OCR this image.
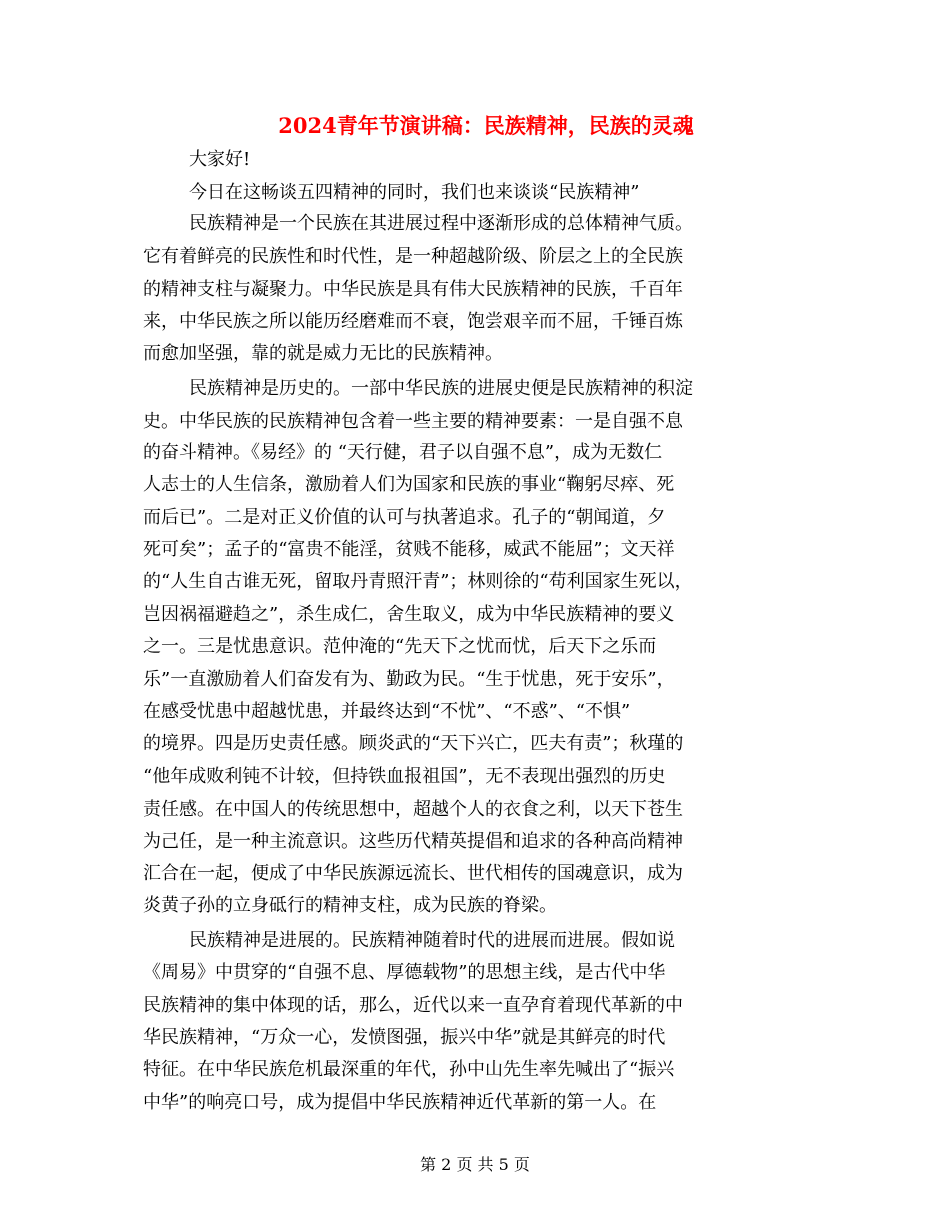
2024青年节演讲稿：民族精神，民族的灵魂
大家好!
今日在这畅谈五四精神的同时，我们也来谈谈“民族精神”
民族精神是一个民族在其进展过程中逐渐形成的总体精神气质。
它有着鲜亮的民族性和时代性，是一种超越阶级、阶层之上的全民族
的精神支柱与凝聚力。中华民族是具有伟大民族精神的民族，千百年
来，中华民族之所以能历经磨难而不衰，饱尝艰辛而不屈，千锤百炼
而愈加坚强，靠的就是威力无比的民族精神。
民族精神是历史的。一部中华民族的进展史便是民族精神的积淀
史。中华民族的民族精神包含着一些主要的精神要素：一是自强不息
的奋斗精神。《易经》的 “天行健，君子以自强不息”，成为无数仁
人志士的人生信条，激励着人们为国家和民族的事业“鞠躬尽瘁、死
而后已”。二是对正义价值的认可与执著追求。孔子的“朝闻道，夕
死可矣”；孟子的“富贵不能淫，贫贱不能移，威武不能屈”；文天祥
的“人生自古谁无死，留取丹青照汗青”；林则徐的“苟利国家生死以，
岂因祸福避趋之”，杀生成仁，舍生取义，成为中华民族精神的要义
之一。三是忧患意识。范仲淹的“先天下之忧而忧，后天下之乐而
乐”一直激励着人们奋发有为、勤政为民。“生于忧患，死于安乐”，
在感受忧患中超越忧患，并最终达到“不忧”、“不惑”、“不惧”
的境界。四是历史责任感。顾炎武的“天下兴亡，匹夫有责”；秋瑾的
“他年成败利钝不计较，但持铁血报祖国”，无不表现出强烈的历史
责任感。在中国人的传统思想中，超越个人的衣食之利，以天下苍生
为己任，是一种主流意识。这些历代精英提倡和追求的各种高尚精神
汇合在一起，便成了中华民族源远流长、世代相传的国魂意识，成为
炎黄子孙的立身砥行的精神支柱，成为民族的脊梁。
民族精神是进展的。民族精神随着时代的进展而进展。假如说
《周易》中贯穿的“自强不息、厚德载物”的思想主线，是古代中华
民族精神的集中体现的话，那么，近代以来一直孕育着现代革新的中
华民族精神，“万众一心，发愤图强，振兴中华”就是其鲜亮的时代
特征。在中华民族危机最深重的年代，孙中山先生率先喊出了“振兴
中华”的响亮口号，成为提倡中华民族精神近代革新的第一人。在
第 2 页 共 5 页
